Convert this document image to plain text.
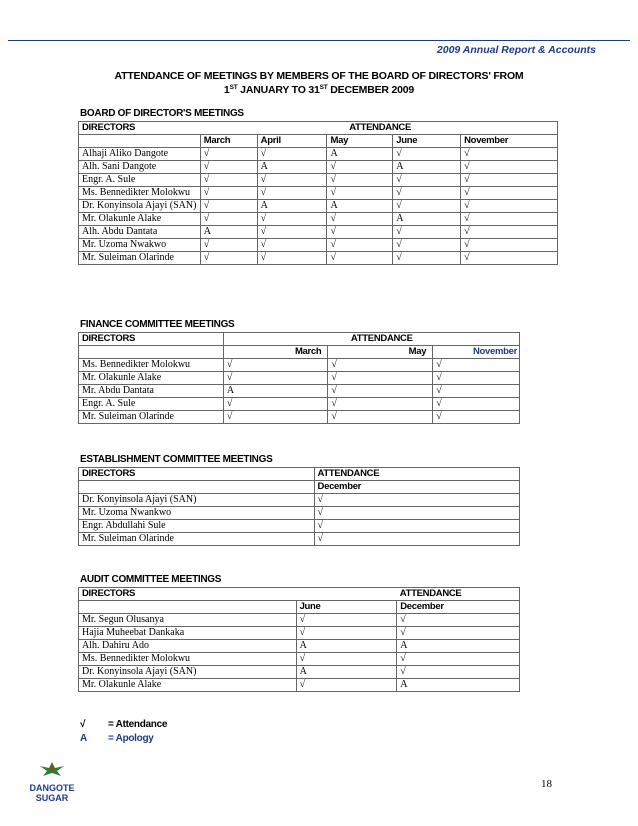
2009 Annual Report & Accounts
ATTENDANCE OF MEETINGS BY MEMBERS OF THE BOARD OF DIRECTORS' FROM
1ST JANUARY TO 31ST DECEMBER 2009
BOARD OF DIRECTOR'S MEETINGS
DIRECTORS	ATTENDANCE				
	March	April	May	June	November
Alhaji Aliko Dangote	√	√	A	√	√
Alh. Sani Dangote	√	A	√	A	√
Engr. A. Sule	√	√	√	√	√
Ms. Bennedikter Molokwu	√	√	√	√	√
Dr. Konyinsola Ajayi (SAN)	√	A	A	√	√
Mr. Olakunle Alake	√	√	√	A	√
Alh. Abdu Dantata	A	√	√	√	√
Mr. Uzoma Nwakwo	√	√	√	√	√
Mr. Suleiman Olarinde	√	√	√	√	√
FINANCE COMMITTEE MEETINGS
DIRECTORS		ATTENDANCE	
	March	May	November
Ms. Bennedikter Molokwu	√	√	√
Mr. Olakunle Alake	√	√	√
Mr. Abdu Dantata	A	√	√
Engr. A. Sule	√	√	√
Mr. Suleiman Olarinde	√	√	√
ESTABLISHMENT COMMITTEE MEETINGS
DIRECTORS	ATTENDANCE
	December
Dr. Konyinsola Ajayi (SAN)	√
Mr. Uzoma Nwankwo	√
Engr. Abdullahi Sule	√
Mr. Suleiman Olarinde	√
AUDIT COMMITTEE MEETINGS
DIRECTORS		ATTENDANCE
	June	December
Mr. Segun Olusanya	√	√
Hajia Muheebat Dankaka	√	√
Alh. Dahiru Ado	A	A
Ms. Bennedikter Molokwu	√	√
Dr. Konyinsola Ajayi (SAN)	A	√
Mr. Olakunle Alake	√	A
√ = Attendance
A = Apology
DANGOTE
SUGAR
18
